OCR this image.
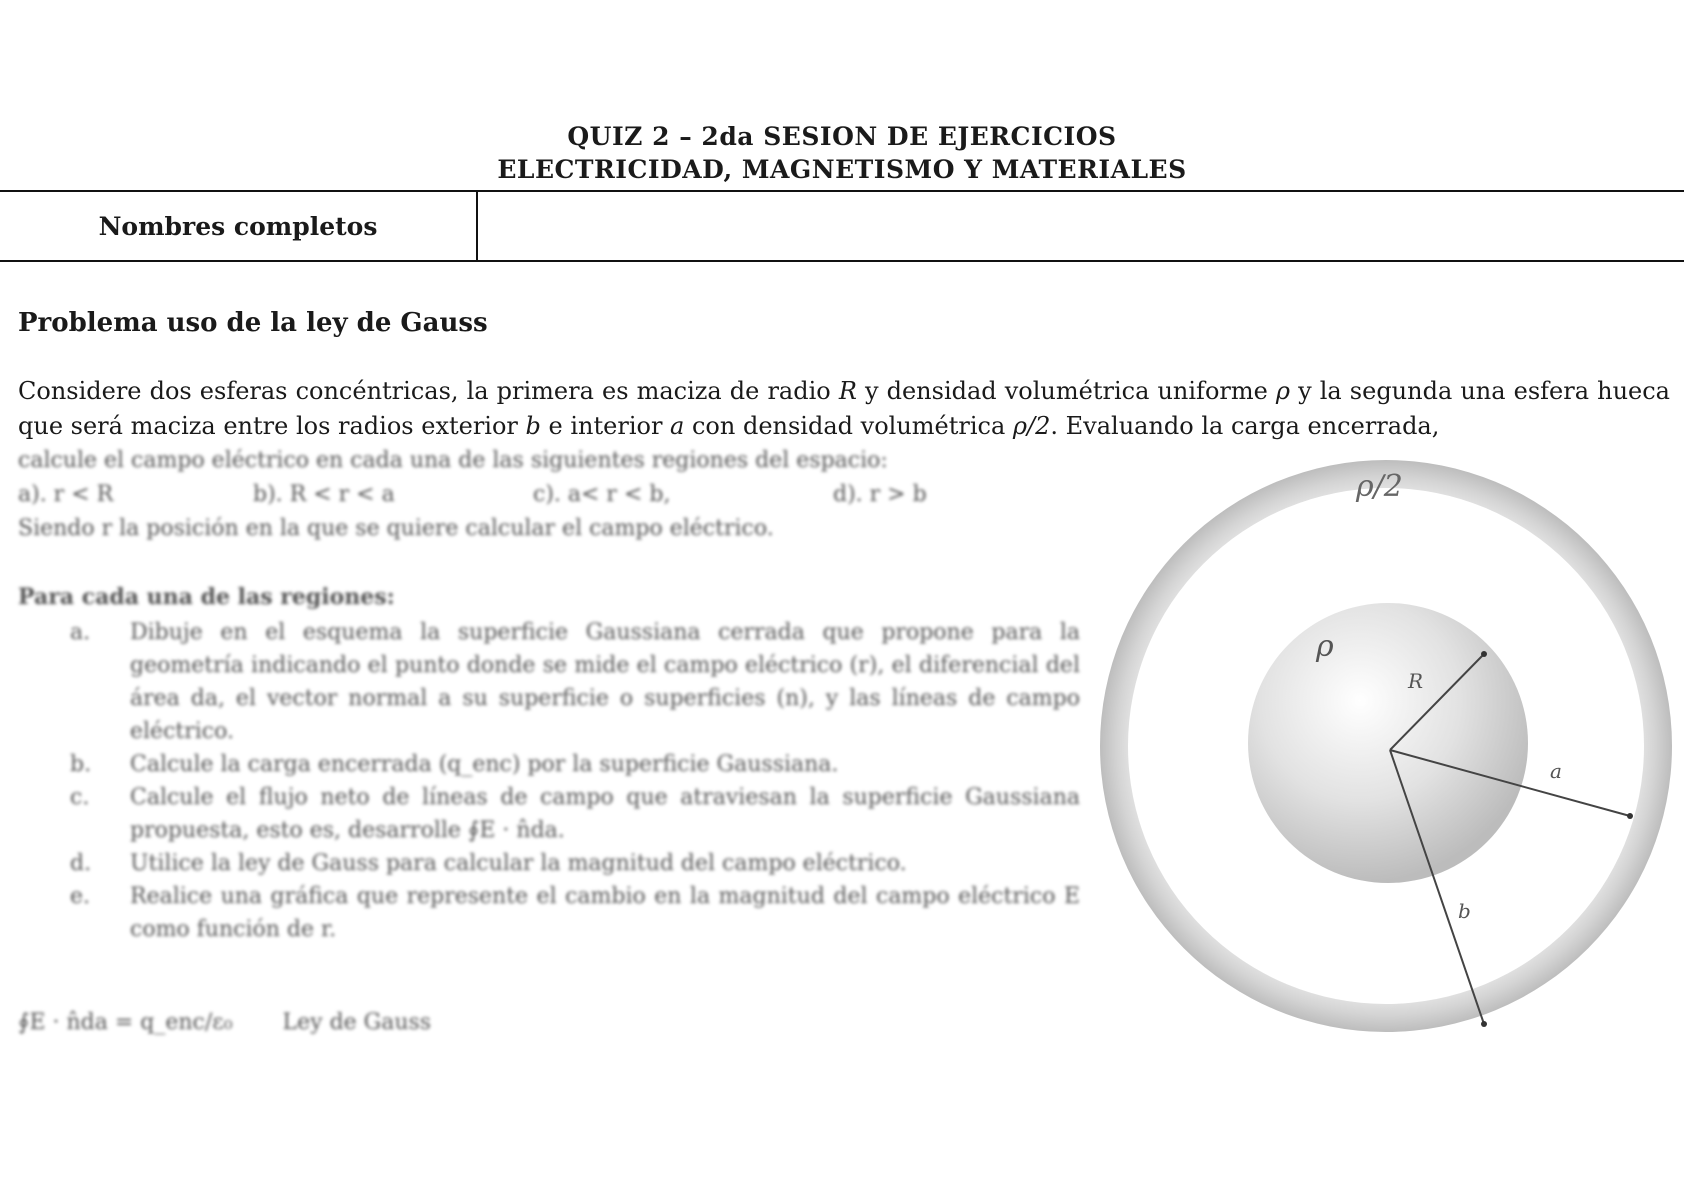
QUIZ 2 – 2da SESION DE EJERCICIOS
ELECTRICIDAD, MAGNETISMO Y MATERIALES
Nombres completos
Problema uso de la ley de Gauss
Considere dos esferas concéntricas, la primera es maciza de radio R y densidad volumétrica uniforme ρ y la segunda una esfera hueca que será maciza entre los radios exterior b e interior a con densidad volumétrica ρ/2. Evaluando la carga encerrada,
calcule el campo eléctrico en cada una de las siguientes regiones del espacio:
a). r < R	b). R < r < a	c). a< r < b,	d). r > b
Siendo r la posición en la que se quiere calcular el campo eléctrico.
Para cada una de las regiones:
a.	Dibuje en el esquema la superficie Gaussiana cerrada que propone para la geometría indicando el punto donde se mide el campo eléctrico (r), el diferencial del área da, el vector normal a su superficie o superficies (n), y las líneas de campo eléctrico.
b.	Calcule la carga encerrada (q_enc) por la superficie Gaussiana.
c.	Calcule el flujo neto de líneas de campo que atraviesan la superficie Gaussiana propuesta, esto es, desarrolle ∮E · n̂da.
d.	Utilice la ley de Gauss para calcular la magnitud del campo eléctrico.
e.	Realice una gráfica que represente el cambio en la magnitud del campo eléctrico E como función de r.
∮E · n̂da = q_enc/ε₀ Ley de Gauss
ρ/2
ρ
R
a
b
